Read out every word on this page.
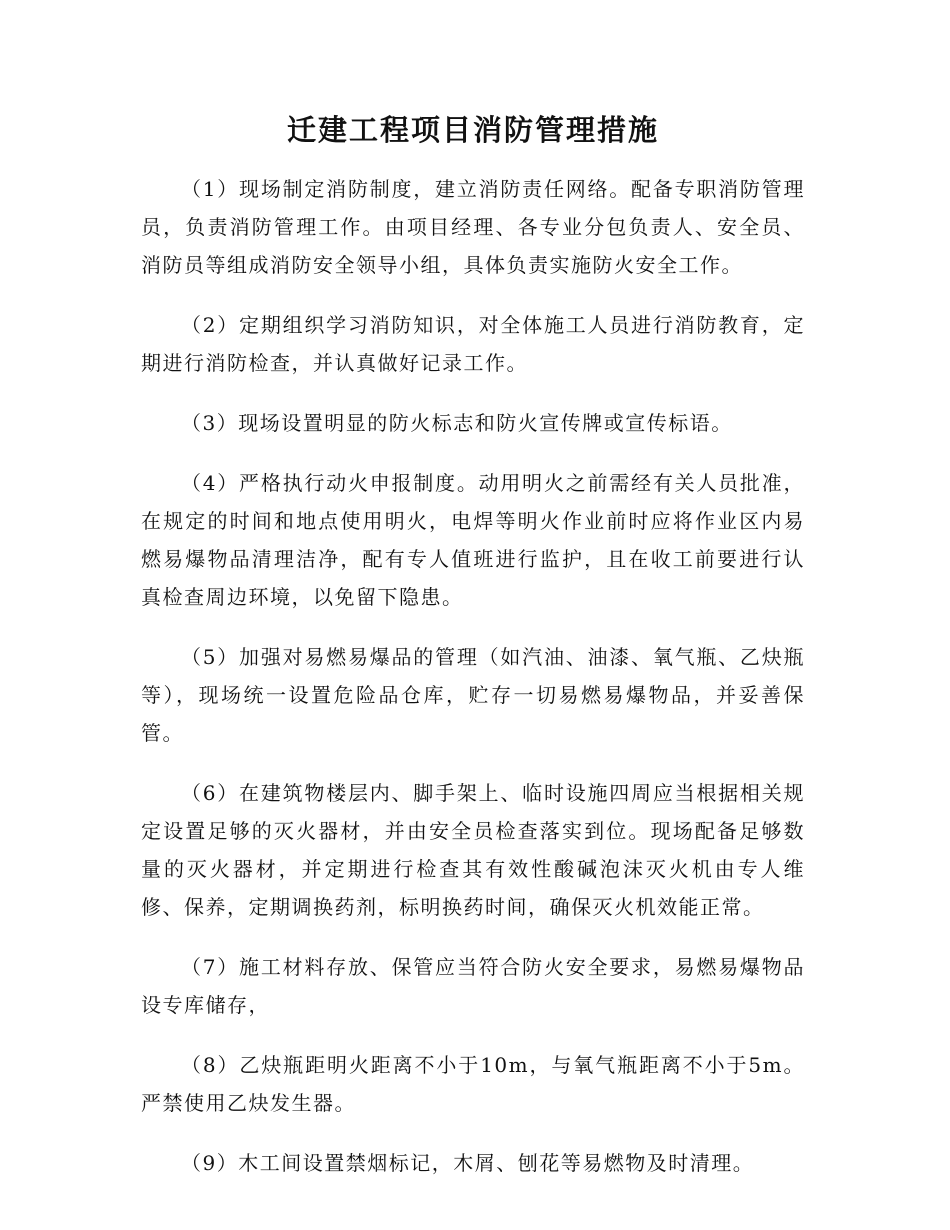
迁建工程项目消防管理措施

（1）现场制定消防制度，建立消防责任网络。配备专职消防管理员，负责消防管理工作。由项目经理、各专业分包负责人、安全员、消防员等组成消防安全领导小组，具体负责实施防火安全工作。

（2）定期组织学习消防知识，对全体施工人员进行消防教育，定期进行消防检查，并认真做好记录工作。

（3）现场设置明显的防火标志和防火宣传牌或宣传标语。

（4）严格执行动火申报制度。动用明火之前需经有关人员批准，在规定的时间和地点使用明火，电焊等明火作业前时应将作业区内易燃易爆物品清理洁净，配有专人值班进行监护，且在收工前要进行认真检查周边环境，以免留下隐患。

（5）加强对易燃易爆品的管理（如汽油、油漆、氧气瓶、乙炔瓶等），现场统一设置危险品仓库，贮存一切易燃易爆物品，并妥善保管。

（6）在建筑物楼层内、脚手架上、临时设施四周应当根据相关规定设置足够的灭火器材，并由安全员检查落实到位。现场配备足够数量的灭火器材，并定期进行检查其有效性酸碱泡沫灭火机由专人维修、保养，定期调换药剂，标明换药时间，确保灭火机效能正常。

（7）施工材料存放、保管应当符合防火安全要求，易燃易爆物品设专库储存，

（8）乙炔瓶距明火距离不小于10m，与氧气瓶距离不小于5m。严禁使用乙炔发生器。

（9）木工间设置禁烟标记，木屑、刨花等易燃物及时清理。
